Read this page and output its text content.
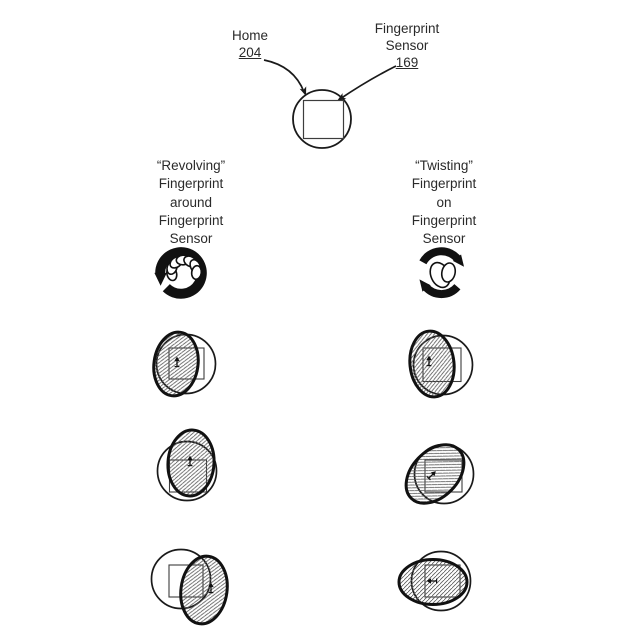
Home
204
Fingerprint
Sensor
169
“Revolving”
Fingerprint
around
Fingerprint
Sensor
“Twisting”
Fingerprint
on
Fingerprint
Sensor
